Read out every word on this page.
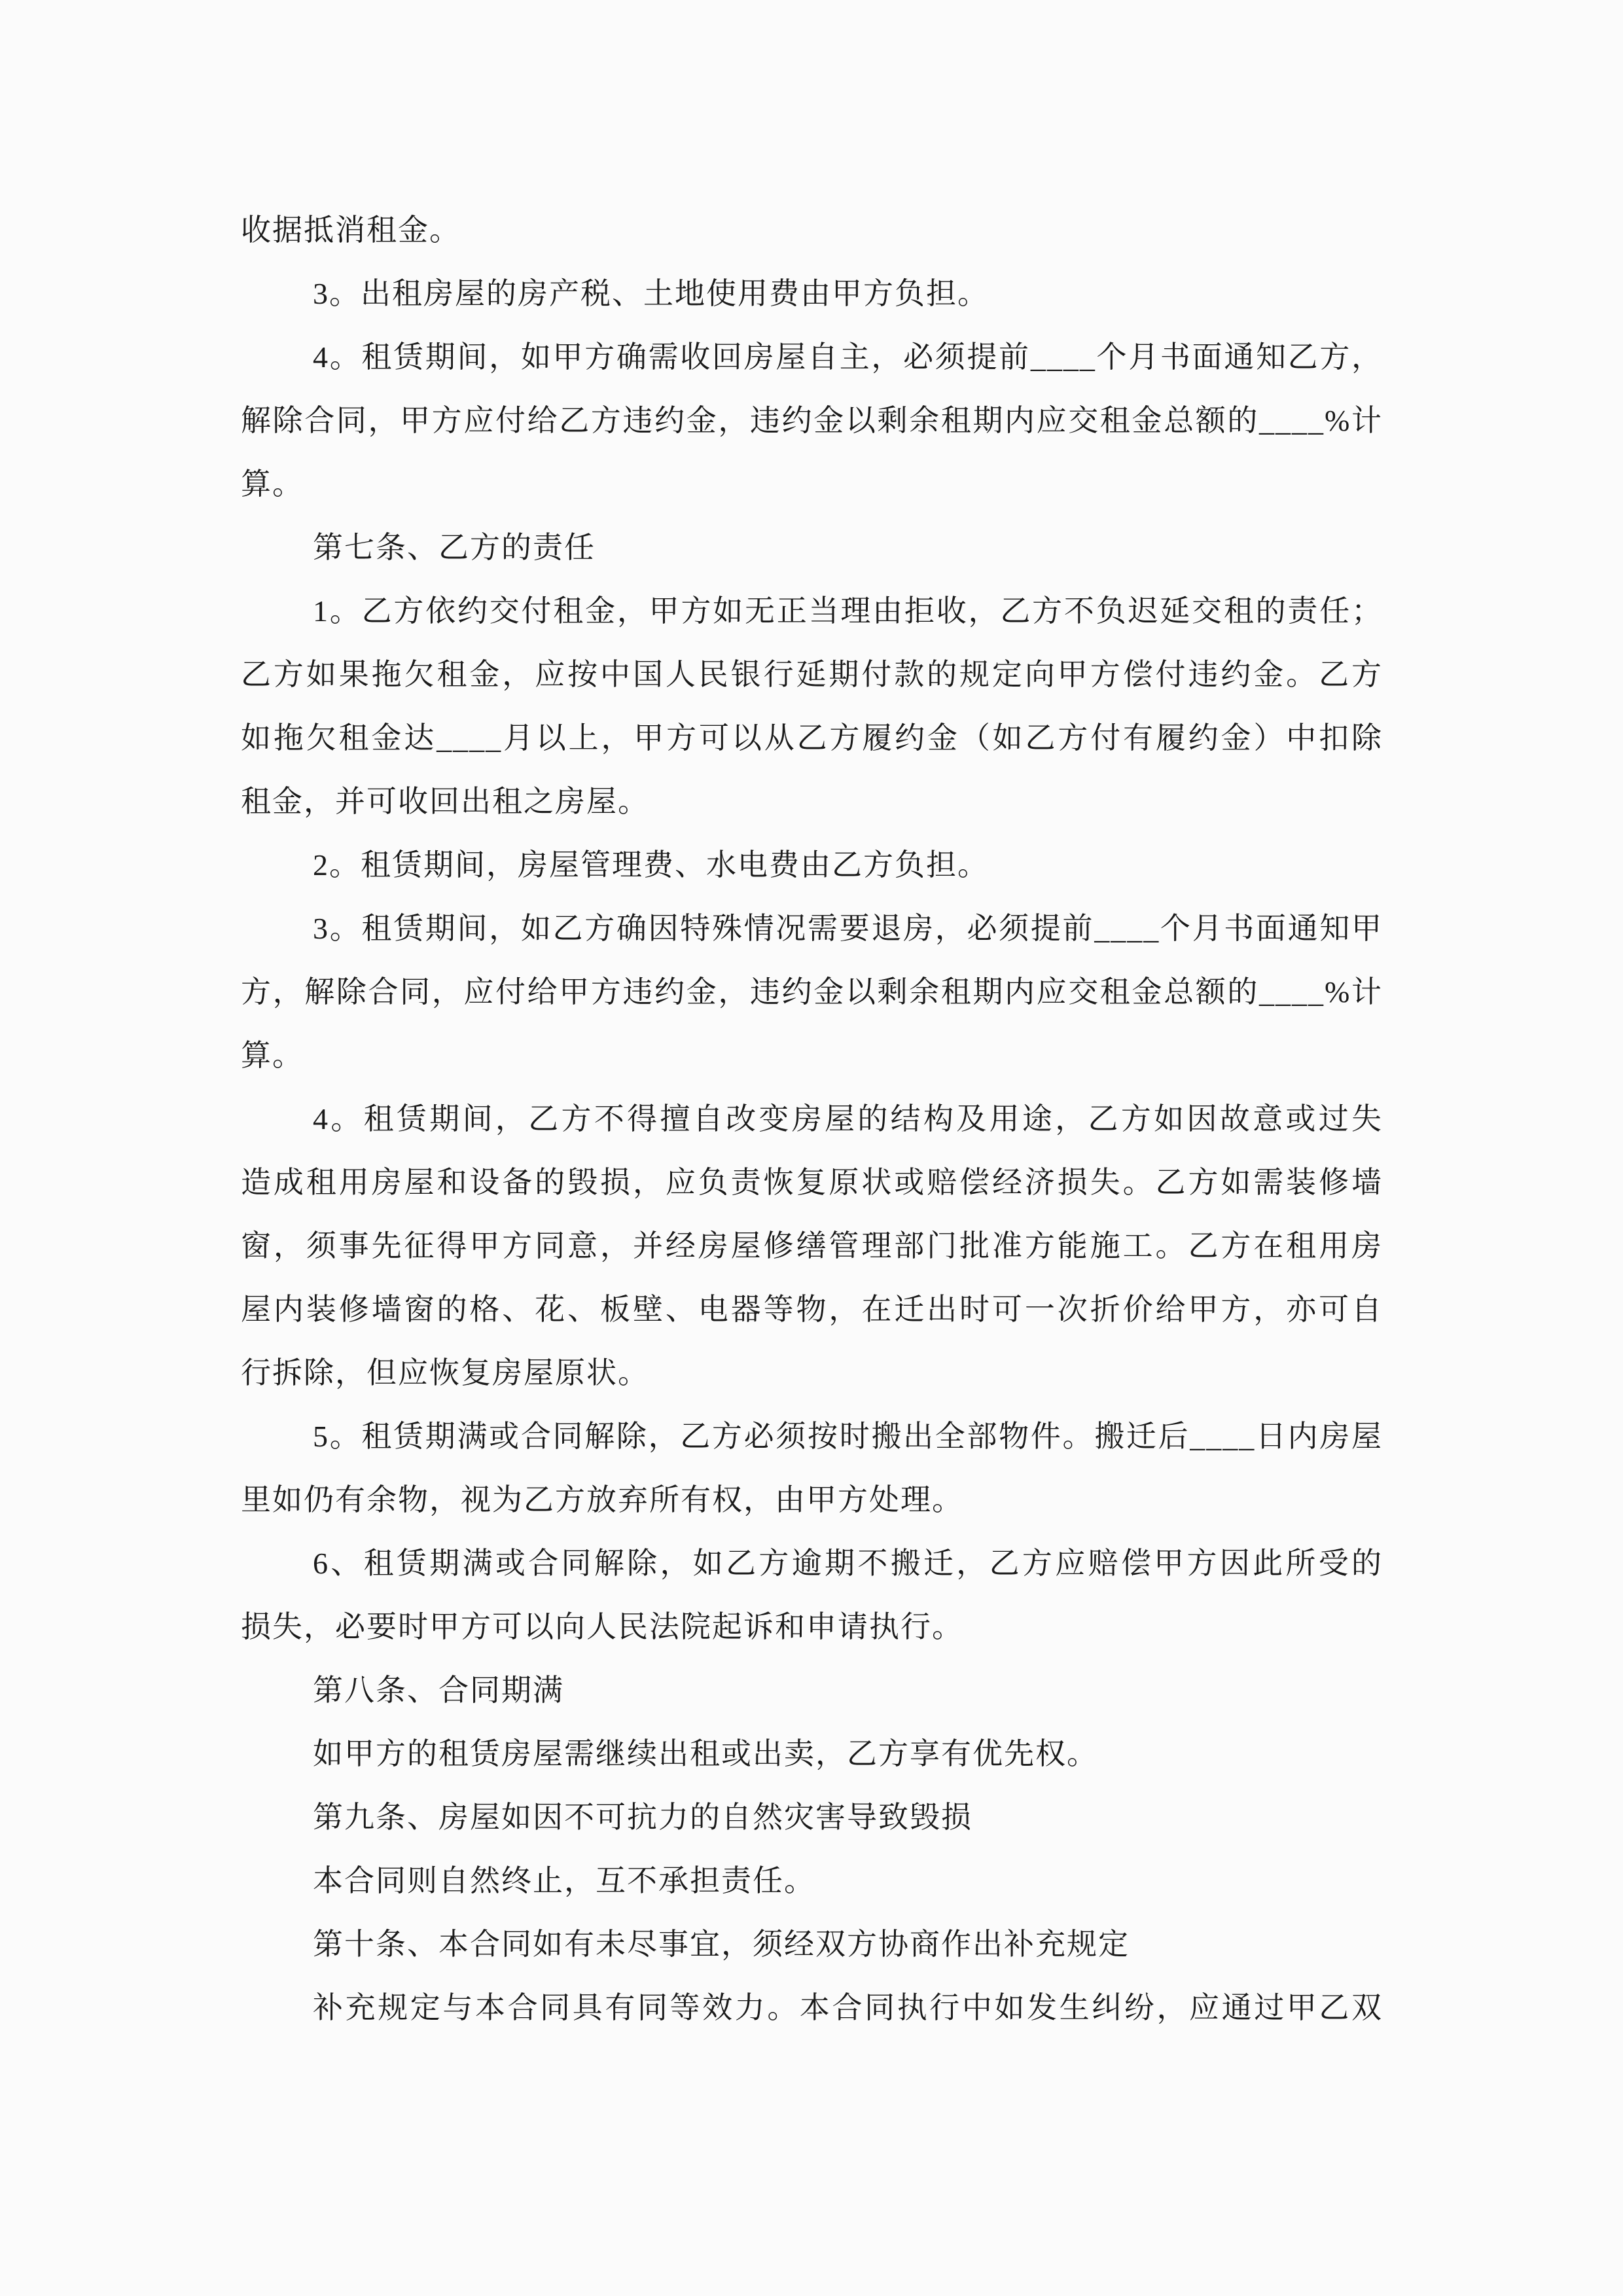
收据抵消租金。
3。出租房屋的房产税、土地使用费由甲方负担。
4。租赁期间，如甲方确需收回房屋自主，必须提前____个月书面通知乙方，
解除合同，甲方应付给乙方违约金，违约金以剩余租期内应交租金总额的____%计
算。
第七条、乙方的责任
1。乙方依约交付租金，甲方如无正当理由拒收，乙方不负迟延交租的责任；
乙方如果拖欠租金，应按中国人民银行延期付款的规定向甲方偿付违约金。乙方
如拖欠租金达____月以上，甲方可以从乙方履约金（如乙方付有履约金）中扣除
租金，并可收回出租之房屋。
2。租赁期间，房屋管理费、水电费由乙方负担。
3。租赁期间，如乙方确因特殊情况需要退房，必须提前____个月书面通知甲
方，解除合同，应付给甲方违约金，违约金以剩余租期内应交租金总额的____%计
算。
4。租赁期间，乙方不得擅自改变房屋的结构及用途，乙方如因故意或过失
造成租用房屋和设备的毁损，应负责恢复原状或赔偿经济损失。乙方如需装修墙
窗，须事先征得甲方同意，并经房屋修缮管理部门批准方能施工。乙方在租用房
屋内装修墙窗的格、花、板壁、电器等物，在迁出时可一次折价给甲方，亦可自
行拆除，但应恢复房屋原状。
5。租赁期满或合同解除，乙方必须按时搬出全部物件。搬迁后____日内房屋
里如仍有余物，视为乙方放弃所有权，由甲方处理。
6、租赁期满或合同解除，如乙方逾期不搬迁，乙方应赔偿甲方因此所受的
损失，必要时甲方可以向人民法院起诉和申请执行。
第八条、合同期满
如甲方的租赁房屋需继续出租或出卖，乙方享有优先权。
第九条、房屋如因不可抗力的自然灾害导致毁损
本合同则自然终止，互不承担责任。
第十条、本合同如有未尽事宜，须经双方协商作出补充规定
补充规定与本合同具有同等效力。本合同执行中如发生纠纷，应通过甲乙双
